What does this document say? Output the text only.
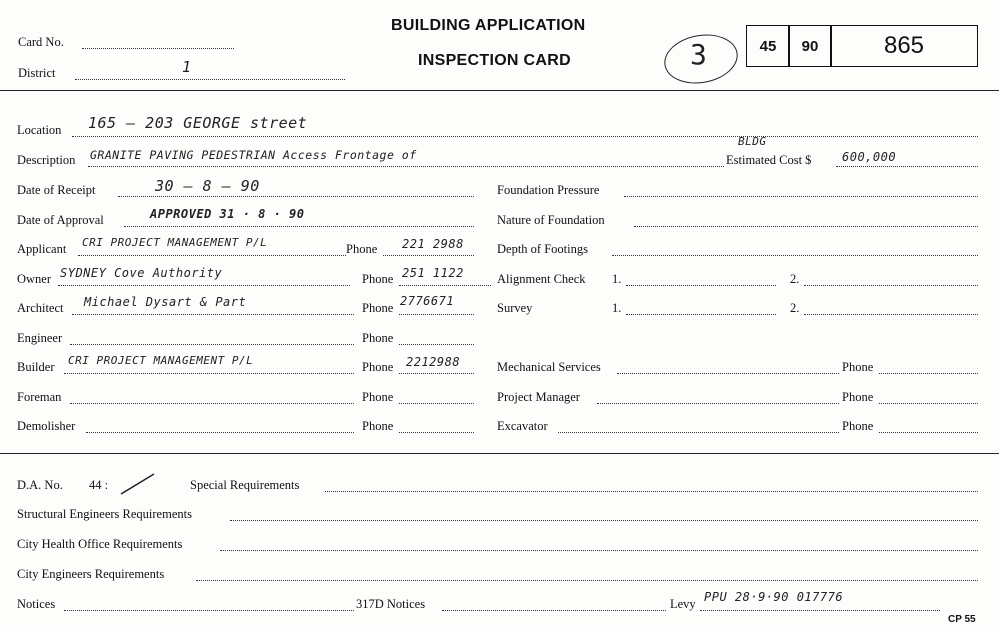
Card No.
District	1
BUILDING APPLICATION
INSPECTION CARD	3	45	90	865
Location 165 – 203 GEORGE street
Description GRANITE PAVING PEDESTRIAN Access Frontage of
BLDG
Estimated Cost $	600,000
Date of Receipt	30 – 8 – 90
Date of Approval	APPROVED 31 · 8 · 90
Applicant CRI PROJECT MANAGEMENT P/L	Phone 221 2988
Owner SYDNEY Cove Authority	Phone 251 1122
Architect Michael Dysart & Part	Phone 2776671
Engineer	Phone
Builder CRI PROJECT MANAGEMENT P/L	Phone 2212988
Foreman	Phone
Demolisher	Phone
Foundation Pressure
Nature of Foundation
Depth of Footings
Alignment Check 1.	2.
Survey	1.	2.
Mechanical Services	Phone
Project Manager	Phone
Excavator	Phone
D.A. No. 44 :	Special Requirements
Structural Engineers Requirements
City Health Office Requirements
City Engineers Requirements
Notices	317D Notices	Levy PPU 28·9·90 017776
CP 55
